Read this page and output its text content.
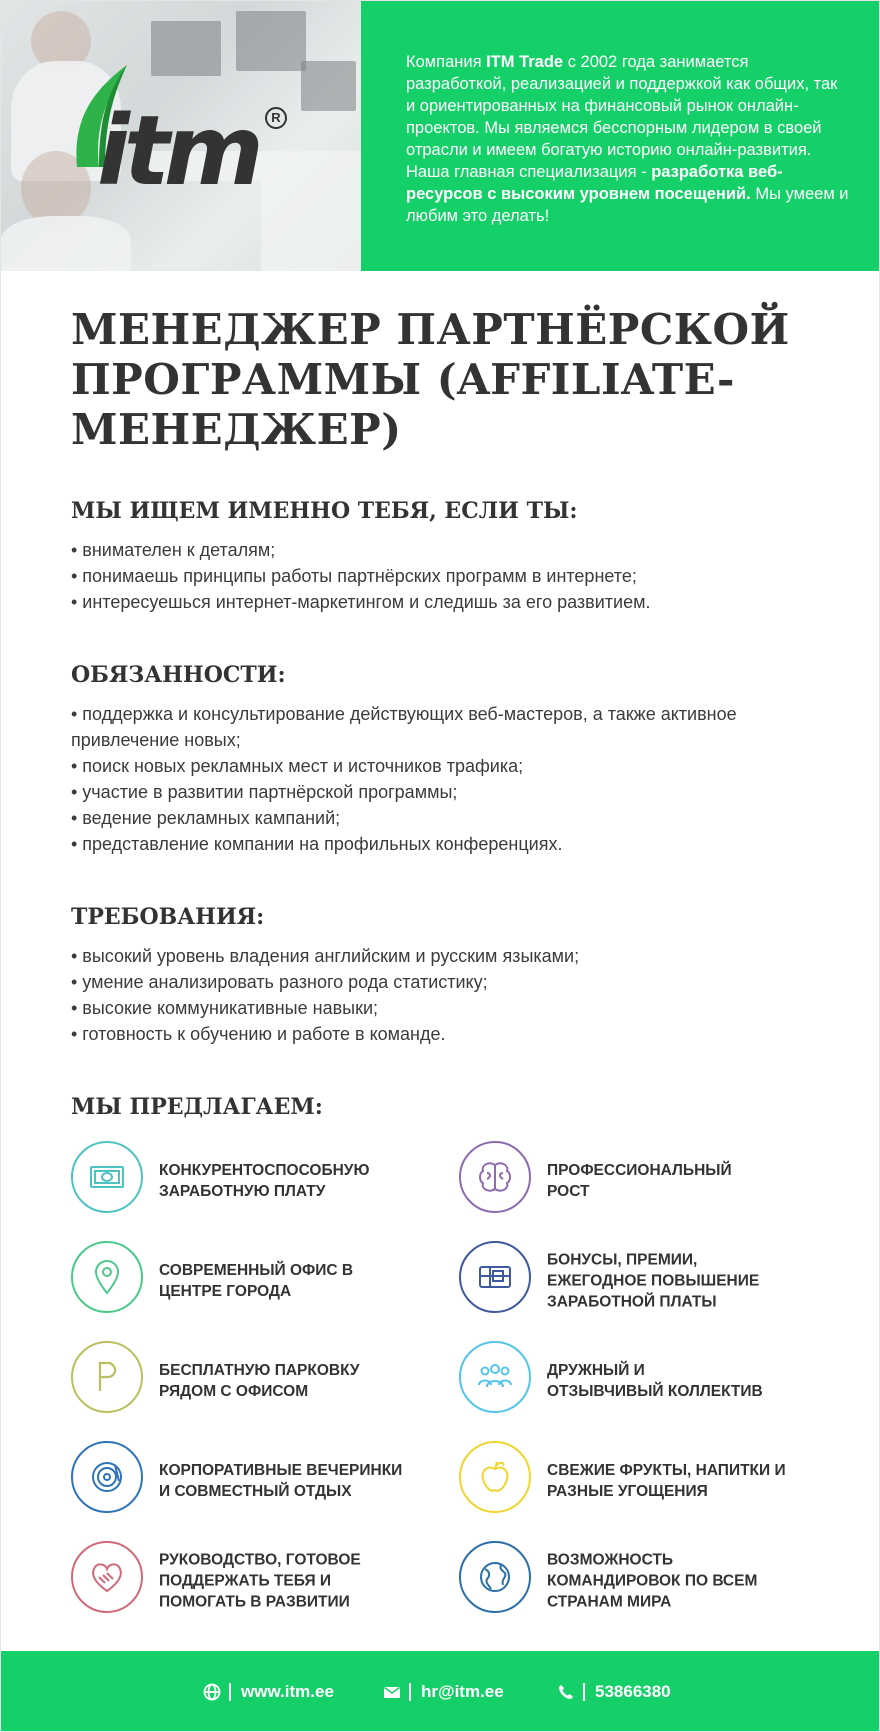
itm	R

Компания ITM Trade с 2002 года занимается разработкой, реализацией и поддержкой как общих, так и ориентированных на финансовый рынок онлайн-проектов. Мы являемся бесспорным лидером в своей отрасли и имеем богатую историю онлайн-развития. Наша главная специализация - разработка веб-ресурсов с высоким уровнем посещений. Мы умеем и любим это делать!

МЕНЕДЖЕР ПАРТНЁРСКОЙ
ПРОГРАММЫ (AFFILIATE-
МЕНЕДЖЕР)
МЫ ИЩЕМ ИМЕННО ТЕБЯ, ЕСЛИ ТЫ:
• внимателен к деталям;
• понимаешь принципы работы партнёрских программ в интернете;
• интересуешься интернет-маркетингом и следишь за его развитием.
ОБЯЗАННОСТИ:
• поддержка и консультирование действующих веб-мастеров, а также активное привлечение новых;
• поиск новых рекламных мест и источников трафика;
• участие в развитии партнёрской программы;
• ведение рекламных кампаний;
• представление компании на профильных конференциях.
ТРЕБОВАНИЯ:
• высокий уровень владения английским и русским языками;
• умение анализировать разного рода статистику;
• высокие коммуникативные навыки;
• готовность к обучению и работе в команде.
МЫ ПРЕДЛАГАЕМ:
КОНКУРЕНТОСПОСОБНУЮ
ЗАРАБОТНУЮ ПЛАТУ
СОВРЕМЕННЫЙ ОФИС В
ЦЕНТРЕ ГОРОДА
БЕСПЛАТНУЮ ПАРКОВКУ
РЯДОМ С ОФИСОМ
КОРПОРАТИВНЫЕ ВЕЧЕРИНКИ
И СОВМЕСТНЫЙ ОТДЫХ
РУКОВОДСТВО, ГОТОВОЕ
ПОДДЕРЖАТЬ ТЕБЯ И
ПОМОГАТЬ В РАЗВИТИИ
ПРОФЕССИОНАЛЬНЫЙ
РОСТ
БОНУСЫ, ПРЕМИИ,
ЕЖЕГОДНОЕ ПОВЫШЕНИЕ
ЗАРАБОТНОЙ ПЛАТЫ
ДРУЖНЫЙ И
ОТЗЫВЧИВЫЙ КОЛЛЕКТИВ
СВЕЖИЕ ФРУКТЫ, НАПИТКИ И
РАЗНЫЕ УГОЩЕНИЯ
ВОЗМОЖНОСТЬ
КОМАНДИРОВОК ПО ВСЕМ
СТРАНАМ МИРА
www.itm.ee	hr@itm.ee	53866380
